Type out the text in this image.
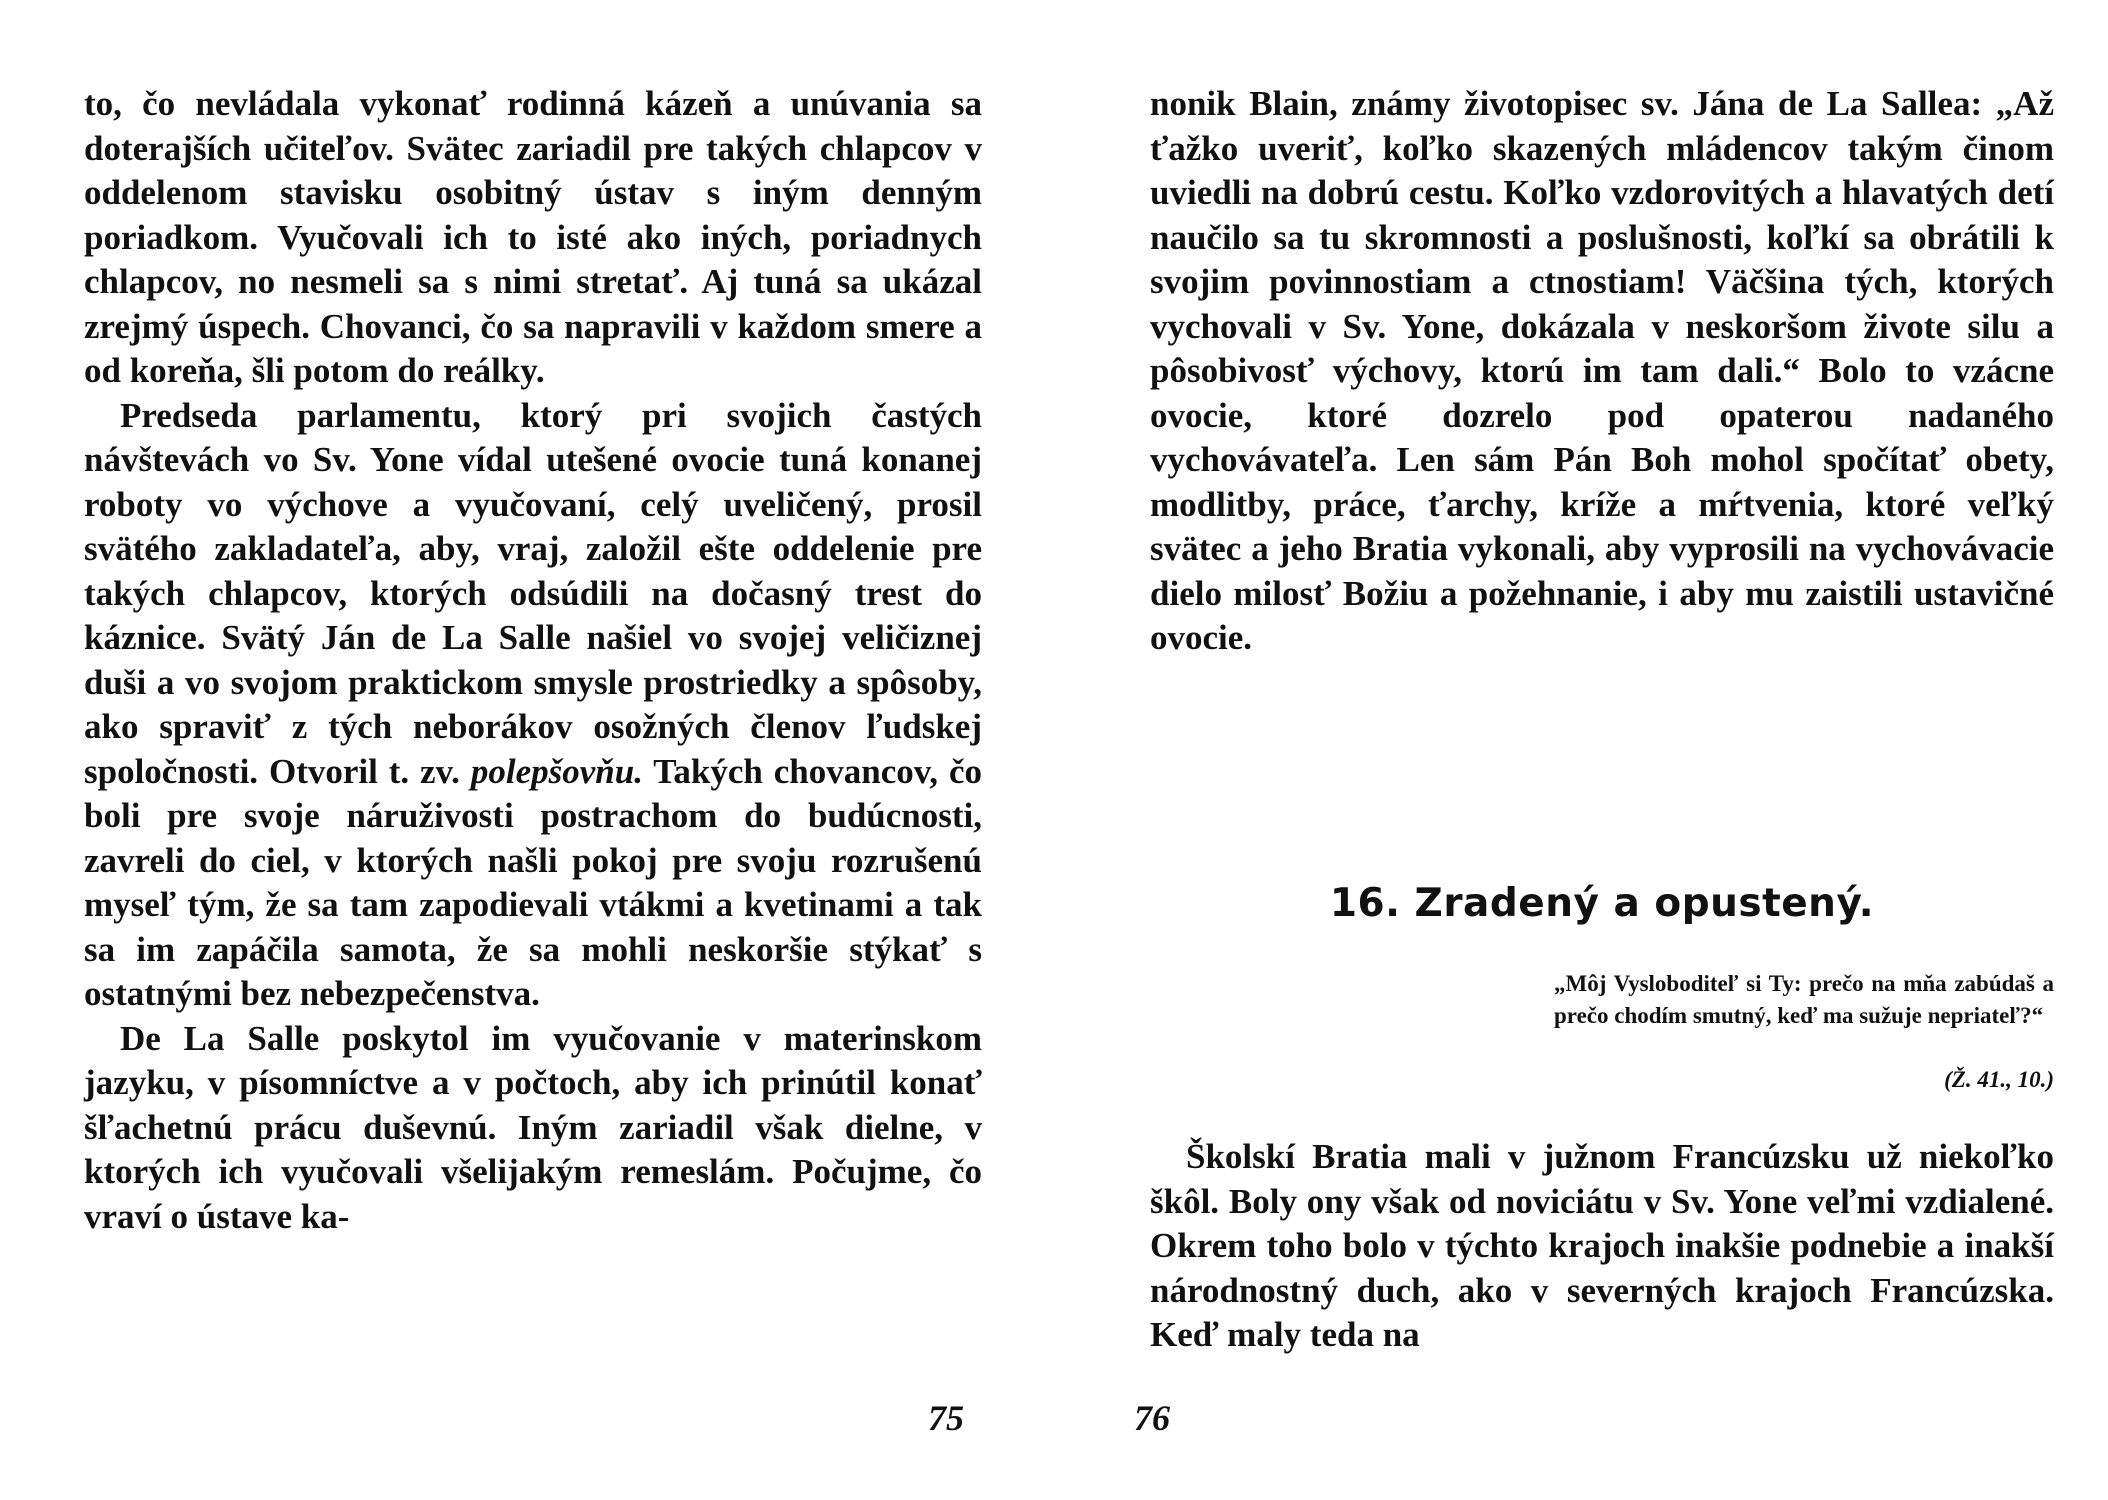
to, čo nevládala vykonať rodinná kázeň a unúvania sa doterajších učiteľov. Svätec zariadil pre takých chlapcov v oddelenom stavisku osobitný ústav s iným denným poriadkom. Vyučovali ich to isté ako iných, poriadnych chlapcov, no nesmeli sa s nimi stretať. Aj tuná sa ukázal zrejmý úspech. Chovanci, čo sa napravili v každom smere a od koreňa, šli potom do reálky.

Predseda parlamentu, ktorý pri svojich častých návštevách vo Sv. Yone vídal utešené ovocie tuná konanej roboty vo výchove a vyučovaní, celý uveličený, prosil svätého zakladateľa, aby, vraj, založil ešte oddelenie pre takých chlapcov, ktorých odsúdili na dočasný trest do káznice. Svätý Ján de La Salle našiel vo svojej veličiznej duši a vo svojom praktickom smysle prostriedky a spôsoby, ako spraviť z tých neborákov osožných členov ľudskej spoločnosti. Otvoril t. zv. polepšovňu. Takých chovancov, čo boli pre svoje náruživosti postrachom do budúcnosti, zavreli do ciel, v ktorých našli pokoj pre svoju rozrušenú myseľ tým, že sa tam zapodievali vtákmi a kvetinami a tak sa im zapáčila samota, že sa mohli neskoršie stýkať s ostatnými bez nebezpečenstva.

De La Salle poskytol im vyučovanie v materinskom jazyku, v písomníctve a v počtoch, aby ich prinútil konať šľachetnú prácu duševnú. Iným zariadil však dielne, v ktorých ich vyučovali všelijakým remeslám. Počujme, čo vraví o ústave ka-

75

nonik Blain, známy životopisec sv. Jána de La Sallea: „Až ťažko uveriť, koľko skazených mládencov takým činom uviedli na dobrú cestu. Koľko vzdorovitých a hlavatých detí naučilo sa tu skromnosti a poslušnosti, koľkí sa obrátili k svojim povinnostiam a ctnostiam! Väčšina tých, ktorých vychovali v Sv. Yone, dokázala v neskoršom živote silu a pôsobivosť výchovy, ktorú im tam dali.“ Bolo to vzácne ovocie, ktoré dozrelo pod opaterou nadaného vychovávateľa. Len sám Pán Boh mohol spočítať obety, modlitby, práce, ťarchy, kríže a mŕtvenia, ktoré veľký svätec a jeho Bratia vykonali, aby vyprosili na vychovávacie dielo milosť Božiu a požehnanie, i aby mu zaistili ustavičné ovocie.

16. Zradený a opustený.
„Môj Vysloboditeľ si Ty: prečo na mňa zabúdaš a prečo chodím smutný, keď ma sužuje nepriateľ?“
(Ž. 41., 10.)

Školskí Bratia mali v južnom Francúzsku už niekoľko škôl. Boly ony však od noviciátu v Sv. Yone veľmi vzdialené. Okrem toho bolo v týchto krajoch inakšie podnebie a inakší národnostný duch, ako v severných krajoch Francúzska. Keď maly teda na

76
